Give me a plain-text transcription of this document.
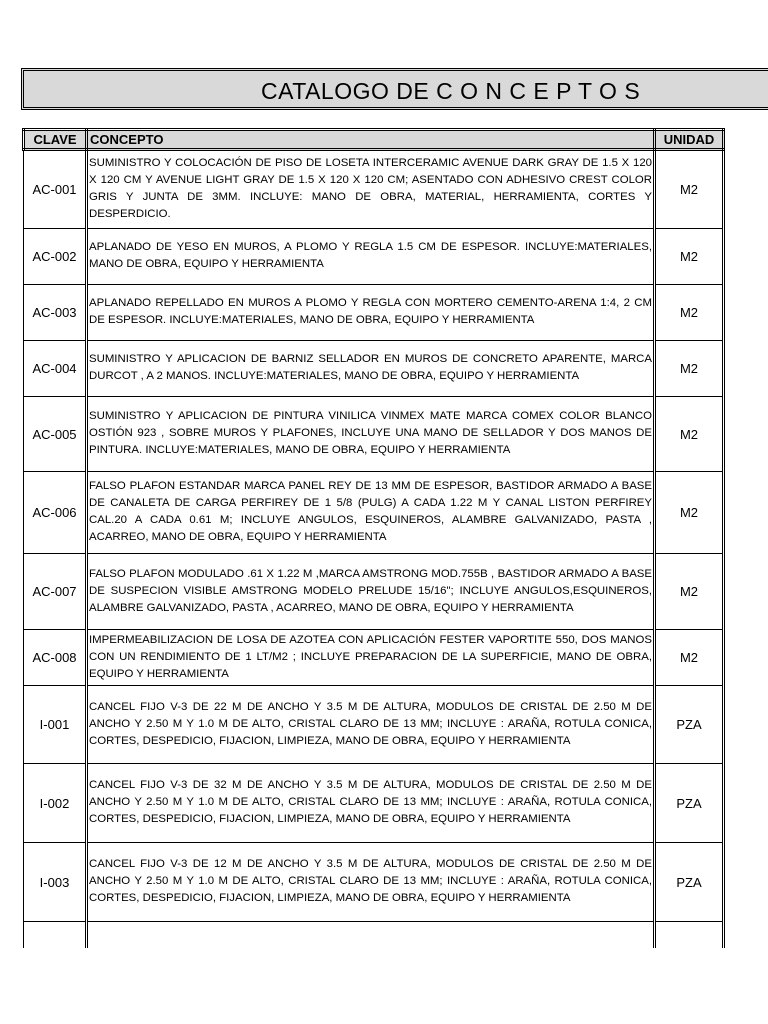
CATALOGO DE C O N C E P T O S
CLAVE	CONCEPTO	UNIDAD	
AC-001	SUMINISTRO Y COLOCACIÓN DE PISO DE LOSETA INTERCERAMIC AVENUE DARK GRAY DE 1.5 X 120 X 120 CM Y AVENUE LIGHT GRAY DE 1.5 X 120 X 120 CM; ASENTADO CON ADHESIVO CREST COLOR GRIS Y JUNTA DE 3MM. INCLUYE: MANO DE OBRA, MATERIAL, HERRAMIENTA, CORTES Y DESPERDICIO.	M2	
AC-002	APLANADO DE YESO EN MUROS, A PLOMO Y REGLA 1.5 CM DE ESPESOR. INCLUYE:MATERIALES, MANO DE OBRA, EQUIPO Y HERRAMIENTA	M2	
AC-003	APLANADO REPELLADO EN MUROS A PLOMO Y REGLA CON MORTERO CEMENTO-ARENA 1:4, 2 CM DE ESPESOR. INCLUYE:MATERIALES, MANO DE OBRA, EQUIPO Y HERRAMIENTA	M2	
AC-004	SUMINISTRO Y APLICACION DE BARNIZ SELLADOR EN MUROS DE CONCRETO APARENTE, MARCA DURCOT , A 2 MANOS. INCLUYE:MATERIALES, MANO DE OBRA, EQUIPO Y HERRAMIENTA	M2	
AC-005	SUMINISTRO Y APLICACION DE PINTURA VINILICA VINMEX MATE MARCA COMEX COLOR BLANCO OSTIÓN 923 , SOBRE MUROS Y PLAFONES, INCLUYE UNA MANO DE SELLADOR Y DOS MANOS DE PINTURA. INCLUYE:MATERIALES, MANO DE OBRA, EQUIPO Y HERRAMIENTA	M2	
AC-006	FALSO PLAFON ESTANDAR MARCA PANEL REY DE 13 MM DE ESPESOR, BASTIDOR ARMADO A BASE DE CANALETA DE CARGA PERFIREY DE 1 5/8 (PULG) A CADA 1.22 M Y CANAL LISTON PERFIREY CAL.20 A CADA 0.61 M; INCLUYE ANGULOS, ESQUINEROS, ALAMBRE GALVANIZADO, PASTA , ACARREO, MANO DE OBRA, EQUIPO Y HERRAMIENTA	M2	
AC-007	FALSO PLAFON MODULADO .61 X 1.22 M ,MARCA AMSTRONG MOD.755B , BASTIDOR ARMADO A BASE DE SUSPECION VISIBLE AMSTRONG MODELO PRELUDE 15/16"; INCLUYE ANGULOS,ESQUINEROS, ALAMBRE GALVANIZADO, PASTA , ACARREO, MANO DE OBRA, EQUIPO Y HERRAMIENTA	M2	
AC-008	IMPERMEABILIZACION DE LOSA DE AZOTEA CON APLICACIÓN FESTER VAPORTITE 550, DOS MANOS CON UN RENDIMIENTO DE 1 LT/M2 ; INCLUYE PREPARACION DE LA SUPERFICIE, MANO DE OBRA, EQUIPO Y HERRAMIENTA	M2	
I-001	CANCEL FIJO V-3 DE 22 M DE ANCHO Y 3.5 M DE ALTURA, MODULOS DE CRISTAL DE 2.50 M DE ANCHO Y 2.50 M Y 1.0 M DE ALTO, CRISTAL CLARO DE 13 MM; INCLUYE : ARAÑA, ROTULA CONICA, CORTES, DESPEDICIO, FIJACION, LIMPIEZA, MANO DE OBRA, EQUIPO Y HERRAMIENTA	PZA	
I-002	CANCEL FIJO V-3 DE 32 M DE ANCHO Y 3.5 M DE ALTURA, MODULOS DE CRISTAL DE 2.50 M DE ANCHO Y 2.50 M Y 1.0 M DE ALTO, CRISTAL CLARO DE 13 MM; INCLUYE : ARAÑA, ROTULA CONICA, CORTES, DESPEDICIO, FIJACION, LIMPIEZA, MANO DE OBRA, EQUIPO Y HERRAMIENTA	PZA	
I-003	CANCEL FIJO V-3 DE 12 M DE ANCHO Y 3.5 M DE ALTURA, MODULOS DE CRISTAL DE 2.50 M DE ANCHO Y 2.50 M Y 1.0 M DE ALTO, CRISTAL CLARO DE 13 MM; INCLUYE : ARAÑA, ROTULA CONICA, CORTES, DESPEDICIO, FIJACION, LIMPIEZA, MANO DE OBRA, EQUIPO Y HERRAMIENTA	PZA	
